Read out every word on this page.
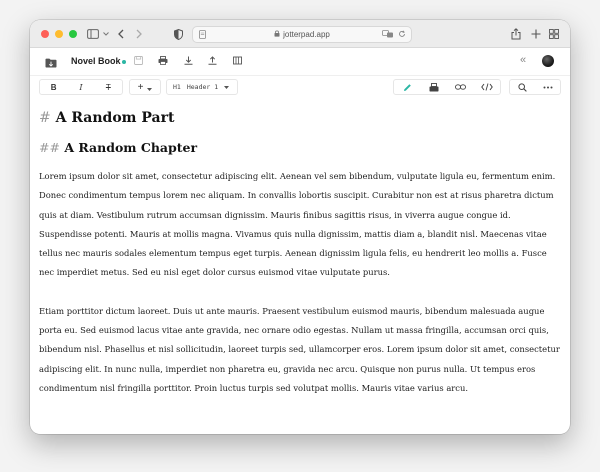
jotterpad.app
Novel Book	«
B	I	T	+	H1 Header 1
# A Random Part
## A Random Chapter

Lorem ipsum dolor sit amet, consectetur adipiscing elit. Aenean vel sem bibendum, vulputate ligula eu, fermentum enim. Donec condimentum tempus lorem nec aliquam. In convallis lobortis suscipit. Curabitur non est at risus pharetra dictum quis at diam. Vestibulum rutrum accumsan dignissim. Mauris finibus sagittis risus, in viverra augue congue id. Suspendisse potenti. Mauris at mollis magna. Vivamus quis nulla dignissim, mattis diam a, blandit nisl. Maecenas vitae tellus nec mauris sodales elementum tempus eget turpis. Aenean dignissim ligula felis, eu hendrerit leo mollis a. Fusce nec imperdiet metus. Sed eu nisl eget dolor cursus euismod vitae vulputate purus.

Etiam porttitor dictum laoreet. Duis ut ante mauris. Praesent vestibulum euismod mauris, bibendum malesuada augue porta eu. Sed euismod lacus vitae ante gravida, nec ornare odio egestas. Nullam ut massa fringilla, accumsan orci quis, bibendum nisl. Phasellus et nisl sollicitudin, laoreet turpis sed, ullamcorper eros. Lorem ipsum dolor sit amet, consectetur adipiscing elit. In nunc nulla, imperdiet non pharetra eu, gravida nec arcu. Quisque non purus nulla. Ut tempus eros condimentum nisl fringilla porttitor. Proin luctus turpis sed volutpat mollis. Mauris vitae varius arcu.
